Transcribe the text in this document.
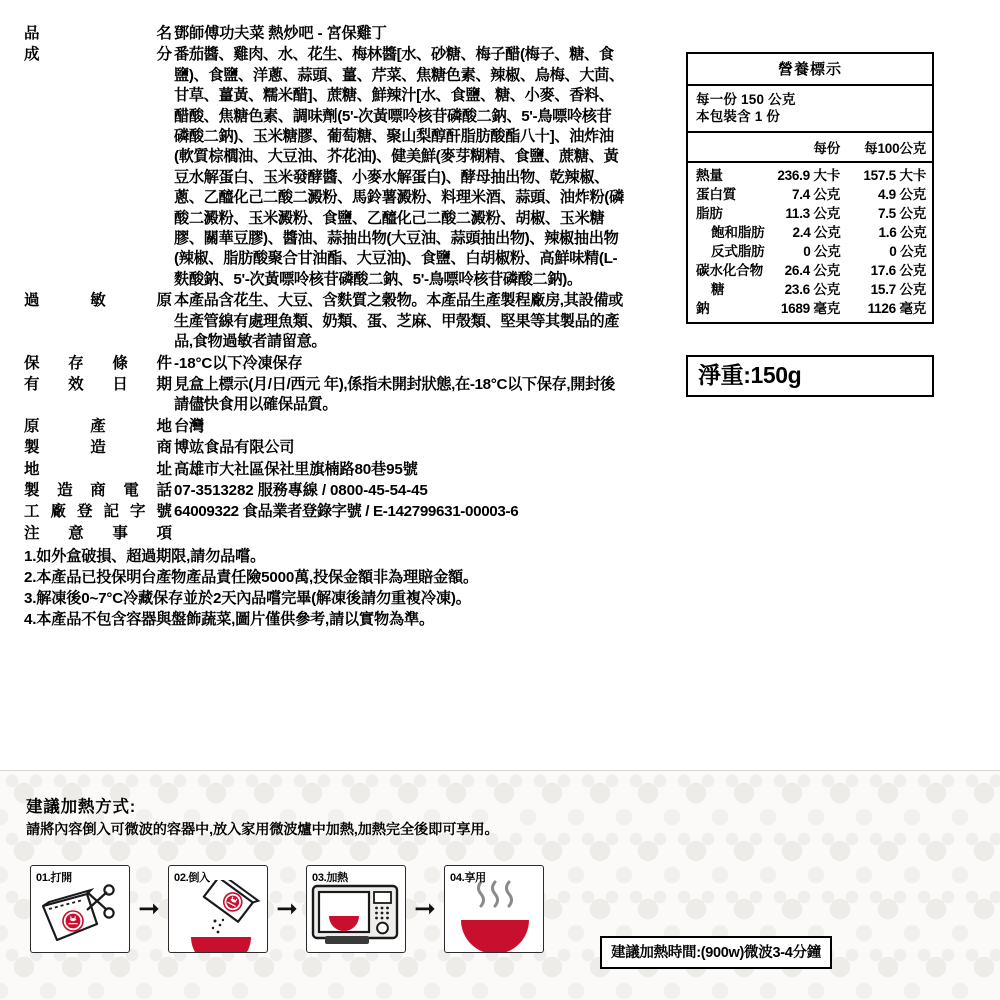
品名 鄧師傅功夫菜 熱炒吧 - 宮保雞丁
成分 番茄醬、雞肉、水、花生、梅林醬[水、砂糖、梅子醋(梅子、糖、食鹽)、食鹽、洋蔥、蒜頭、薑、芹菜、焦糖色素、辣椒、烏梅、大茴、甘草、薑黃、糯米醋]、蔗糖、鮮辣汁[水、食鹽、糖、小麥、香料、醋酸、焦糖色素、調味劑(5'-次黃嘌呤核苷磷酸二鈉、5'-鳥嘌呤核苷磷酸二鈉)、玉米糖膠、葡萄糖、聚山梨醇酐脂肪酸酯八十]、油炸油(軟質棕櫚油、大豆油、芥花油)、健美鮮(麥芽糊精、食鹽、蔗糖、黃豆水解蛋白、玉米發酵醬、小麥水解蛋白)、酵母抽出物、乾辣椒、蔥、乙醯化己二酸二澱粉、馬鈴薯澱粉、料理米酒、蒜頭、油炸粉(磷酸二澱粉、玉米澱粉、食鹽、乙醯化己二酸二澱粉、胡椒、玉米糖膠、關華豆膠)、醬油、蒜抽出物(大豆油、蒜頭抽出物)、辣椒抽出物(辣椒、脂肪酸聚合甘油酯、大豆油)、食鹽、白胡椒粉、高鮮味精(L-麩酸鈉、5'-次黃嘌呤核苷磷酸二鈉、5'-鳥嘌呤核苷磷酸二鈉)。
過敏原 本產品含花生、大豆、含麩質之穀物。本產品生產製程廠房,其設備或生產管線有處理魚類、奶類、蛋、芝麻、甲殼類、堅果等其製品的產品,食物過敏者請留意。
保存條件 -18°C以下冷凍保存
有效日期 見盒上標示(月/日/西元 年),係指未開封狀態,在-18°C以下保存,開封後請儘快食用以確保品質。
原產地 台灣
製造商 博竑食品有限公司
地址 高雄市大社區保社里旗楠路80巷95號
製造商電話 07-3513282 服務專線 / 0800-45-54-45
工廠登記字號 64009322 食品業者登錄字號 / E-142799631-00003-6
注意事項
1.如外盒破損、超過期限,請勿品嚐。
2.本產品已投保明台產物產品責任險5000萬,投保金額非為理賠金額。
3.解凍後0~7°C冷藏保存並於2天內品嚐完畢(解凍後請勿重複冷凍)。
4.本產品不包含容器與盤飾蔬菜,圖片僅供參考,請以實物為準。
營養標示
每一份 150 公克
本包裝含 1 份
每份	每100公克
熱量	236.9 大卡	157.5 大卡
蛋白質	7.4 公克	4.9 公克
脂肪	11.3 公克	7.5 公克
飽和脂肪	2.4 公克	1.6 公克
反式脂肪	0 公克	0 公克
碳水化合物	26.4 公克	17.6 公克
糖	23.6 公克	15.7 公克
鈉	1689 毫克	1126 毫克
淨重:150g
建議加熱方式:
請將內容倒入可微波的容器中,放入家用微波爐中加熱,加熱完全後即可享用。
01.打開
➞
02.倒入
➞
03.加熱
➞
04.享用
建議加熱時間:(900w)微波3-4分鐘
